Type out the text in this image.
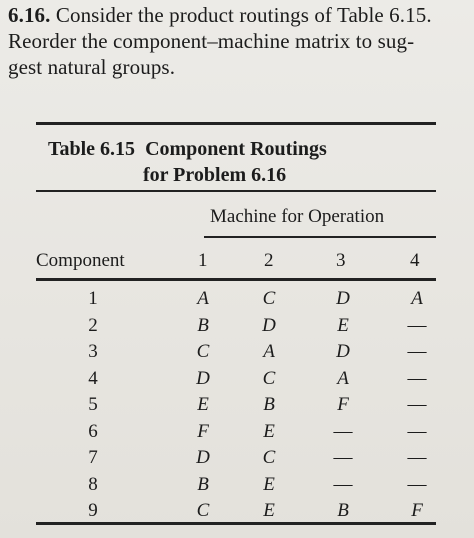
6.16. Consider the product routings of Table 6.15.
Reorder the component–machine matrix to sug-
gest natural groups.
Table 6.15 Component Routings
for Problem 6.16
Machine for Operation
Component	1	2	3	4
1	A	C	D	A
2	B	D	E	—
3	C	A	D	—
4	D	C	A	—
5	E	B	F	—
6	F	E	—	—
7	D	C	—	—
8	B	E	—	—
9	C	E	B	F
